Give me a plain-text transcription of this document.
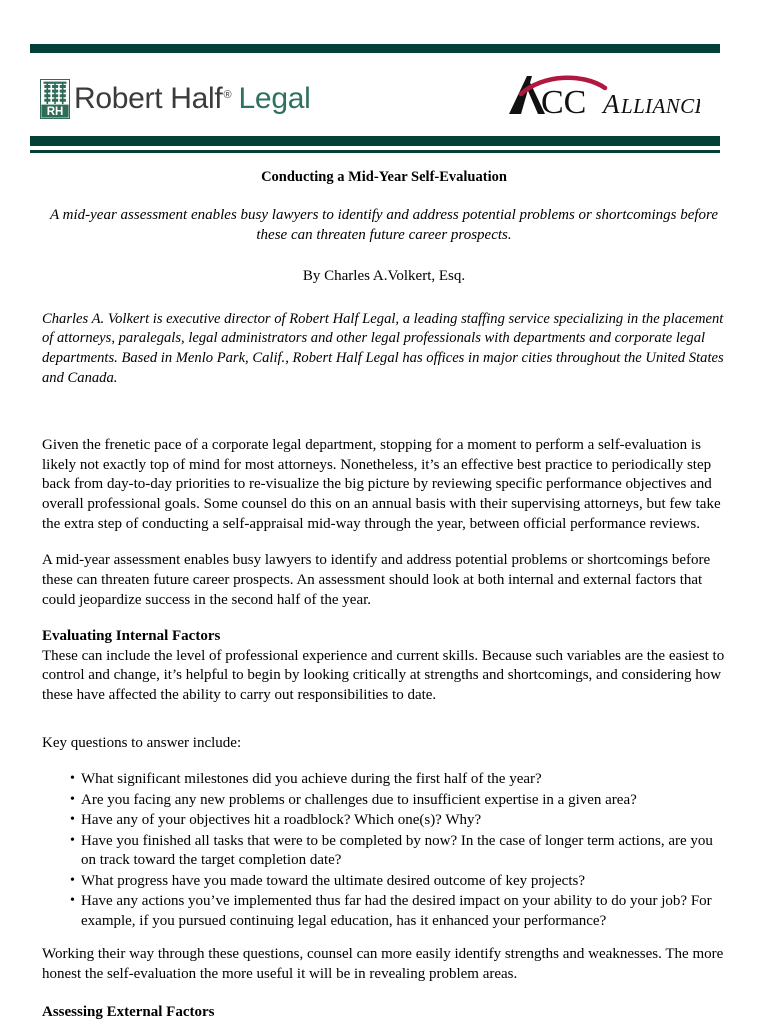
RH Robert Half ® Legal	CC A LLIANCE
Conducting a Mid-Year Self-Evaluation
A mid-year assessment enables busy lawyers to identify and address potential problems or shortcomings before these can threaten future career prospects.
By Charles A.Volkert, Esq.
Charles A. Volkert is executive director of Robert Half Legal, a leading staffing service specializing in the placement of attorneys, paralegals, legal administrators and other legal professionals with departments and corporate legal departments. Based in Menlo Park, Calif., Robert Half Legal has offices in major cities throughout the United States and Canada.

Given the frenetic pace of a corporate legal department, stopping for a moment to perform a self-evaluation is likely not exactly top of mind for most attorneys. Nonetheless, it’s an effective best practice to periodically step back from day-to-day priorities to re-visualize the big picture by reviewing specific performance objectives and overall professional goals. Some counsel do this on an annual basis with their supervising attorneys, but few take the extra step of conducting a self-appraisal mid-way through the year, between official performance reviews.

A mid-year assessment enables busy lawyers to identify and address potential problems or shortcomings before these can threaten future career prospects. An assessment should look at both internal and external factors that could jeopardize success in the second half of the year.

Evaluating Internal Factors

These can include the level of professional experience and current skills. Because such variables are the easiest to control and change, it’s helpful to begin by looking critically at strengths and shortcomings, and considering how these have affected the ability to carry out responsibilities to date.

Key questions to answer include:

• What significant milestones did you achieve during the first half of the year?
• Are you facing any new problems or challenges due to insufficient expertise in a given area?
• Have any of your objectives hit a roadblock? Which one(s)? Why?
• Have you finished all tasks that were to be completed by now? In the case of longer term actions, are you on track toward the target completion date?
• What progress have you made toward the ultimate desired outcome of key projects?
• Have any actions you’ve implemented thus far had the desired impact on your ability to do your job? For example, if you pursued continuing legal education, has it enhanced your performance?

Working their way through these questions, counsel can more easily identify strengths and weaknesses. The more honest the self-evaluation the more useful it will be in revealing problem areas.

Assessing External Factors
